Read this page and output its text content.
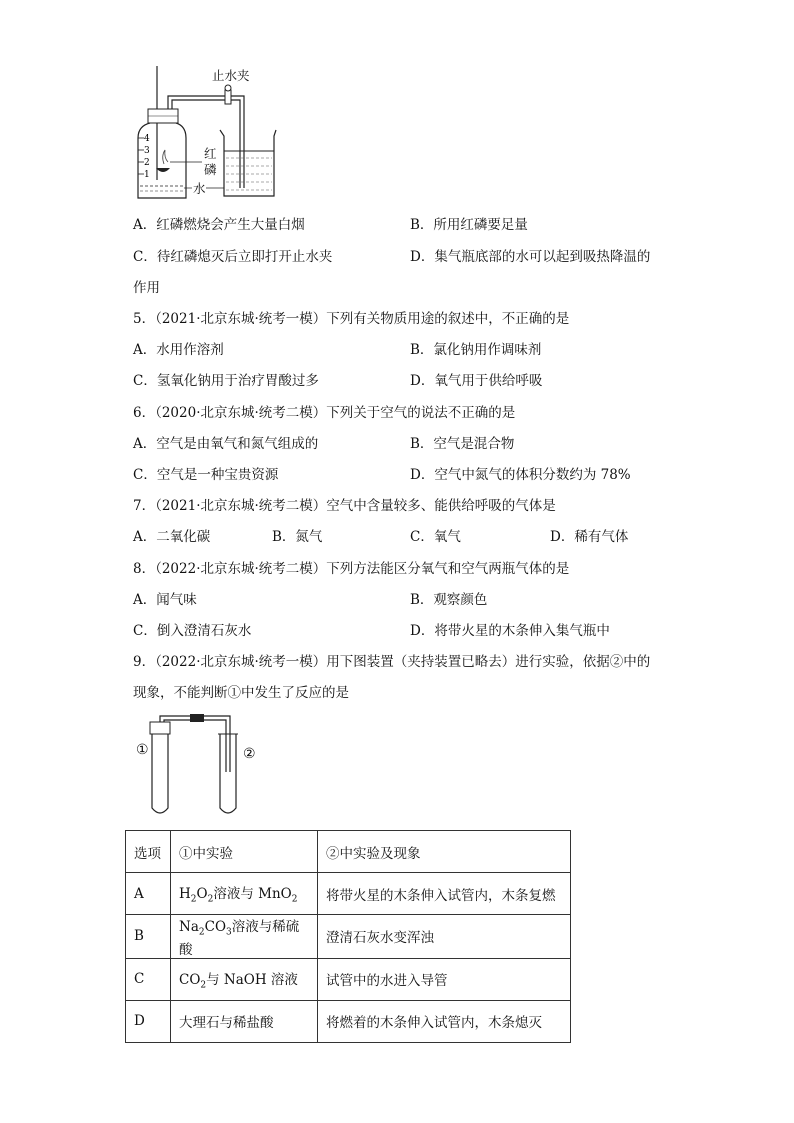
4
3
2
1
止水夹
红
磷
水
A．红磷燃烧会产生大量白烟	B．所用红磷要足量
C．待红磷熄灭后立即打开止水夹	D．集气瓶底部的水可以起到吸热降温的
作用
5．（2021·北京东城·统考一模）下列有关物质用途的叙述中，不正确的是
A．水用作溶剂	B．氯化钠用作调味剂
C．氢氧化钠用于治疗胃酸过多	D．氧气用于供给呼吸
6．（2020·北京东城·统考二模）下列关于空气的说法不正确的是
A．空气是由氧气和氮气组成的	B．空气是混合物
C．空气是一种宝贵资源	D．空气中氮气的体积分数约为 78%
7．（2021·北京东城·统考二模）空气中含量较多、能供给呼吸的气体是
A．二氧化碳	B．氮气	C．氧气	D．稀有气体
8．（2022·北京东城·统考二模）下列方法能区分氧气和空气两瓶气体的是
A．闻气味	B．观察颜色
C．倒入澄清石灰水	D．将带火星的木条伸入集气瓶中
9．（2022·北京东城·统考一模）用下图装置（夹持装置已略去）进行实验，依据②中的
现象，不能判断①中发生了反应的是
①	②
选项	①中实验	②中实验及现象
A	$H_2O_2$溶液与 MnO$_2$	将带火星的木条伸入试管内，木条复燃
B	$Na_2CO_3$溶液与稀硫酸	澄清石灰水变浑浊
C	$CO_2$与 NaOH 溶液	试管中的水进入导管
D	大理石与稀盐酸	将燃着的木条伸入试管内，木条熄灭
